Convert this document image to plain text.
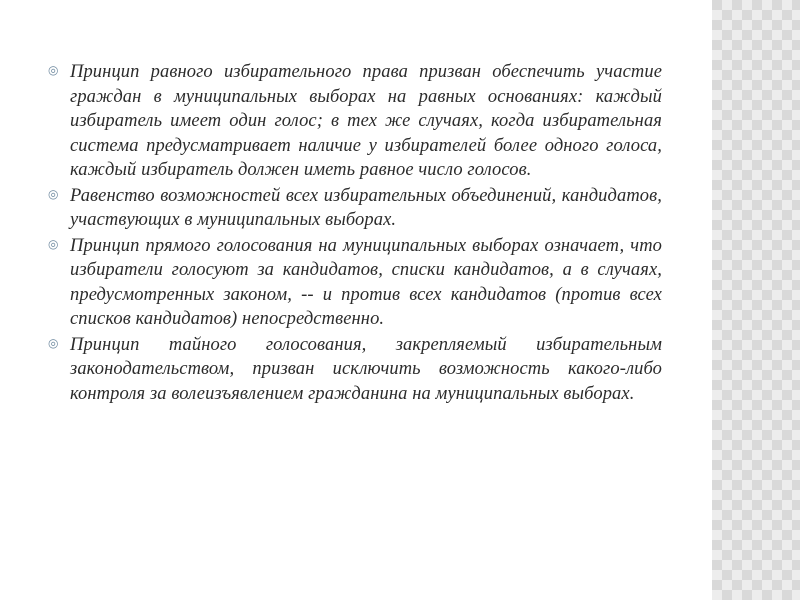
◎ Принцип равного избирательного права призван обеспечить участие граждан в муниципальных выборах на равных основаниях: каждый избиратель имеет один голос; в тех же случаях, когда избирательная система предусматривает наличие у избирателей более одного голоса, каждый избиратель должен иметь равное число голосов.
◎ Равенство возможностей всех избирательных объединений, кандидатов, участвующих в муниципальных выборах.
◎ Принцип прямого голосования на муниципальных выборах означает, что избиратели голосуют за кандидатов, списки кандидатов, а в случаях, предусмотренных законом, -- и против всех кандидатов (против всех списков кандидатов) непосредственно.
◎ Принцип тайного голосования, закрепляемый избирательным законодательством, призван исключить возможность какого-либо контроля за волеизъявлением гражданина на муниципальных выборах.
